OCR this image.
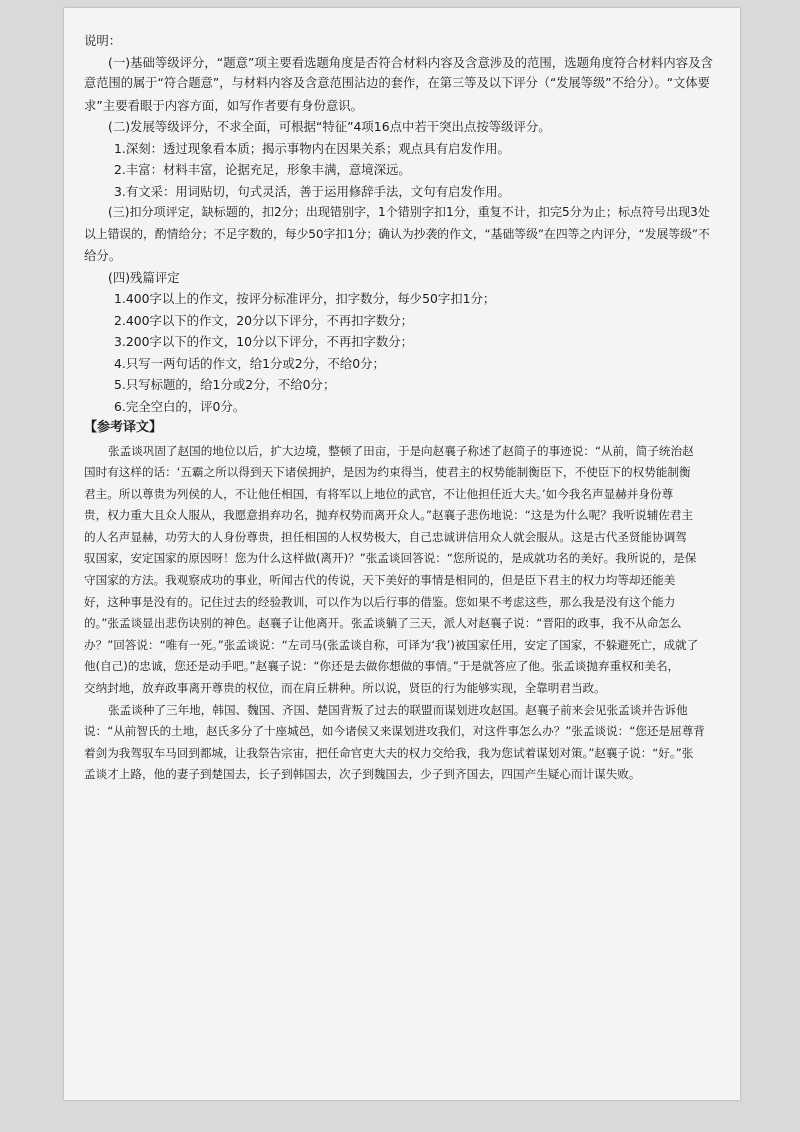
说明：

(一)基础等级评分，“题意”项主要看选题角度是否符合材料内容及含意涉及的范围，选题角度符合材料内容及含

意范围的属于“符合题意”，与材料内容及含意范围沾边的套作，在第三等及以下评分（“发展等级”不给分）。“文体要

求”主要看眼于内容方面，如写作者要有身份意识。

(二)发展等级评分，不求全面，可根据“特征”4项16点中若干突出点按等级评分。

1.深刻：透过现象看本质；揭示事物内在因果关系；观点具有启发作用。

2.丰富：材料丰富，论据充足，形象丰满，意境深远。

3.有文采：用词贴切，句式灵活，善于运用修辞手法，文句有启发作用。

(三)扣分项评定，缺标题的，扣2分；出现错别字，1个错别字扣1分，重复不计，扣完5分为止；标点符号出现3处

以上错误的，酌情给分；不足字数的，每少50字扣1分；确认为抄袭的作文，“基础等级”在四等之内评分，“发展等级”不

给分。

(四)残篇评定

1.400字以上的作文，按评分标准评分，扣字数分，每少50字扣1分；

2.400字以下的作文，20分以下评分，不再扣字数分；

3.200字以下的作文，10分以下评分，不再扣字数分；

4.只写一两句话的作文，给1分或2分，不给0分；

5.只写标题的，给1分或2分，不给0分；

6.完全空白的，评0分。

【参考译文】

张孟谈巩固了赵国的地位以后，扩大边境，整顿了田亩，于是向赵襄子称述了赵简子的事迹说：“从前，简子统治赵

国时有这样的话：‘五霸之所以得到天下诸侯拥护，是因为约束得当，使君主的权势能制衡臣下，不使臣下的权势能制衡

君主。所以尊贵为列侯的人，不让他任相国，有将军以上地位的武官，不让他担任近大夫。’如今我名声显赫并身份尊

贵，权力重大且众人服从，我愿意捐弃功名，抛弃权势而离开众人。”赵襄子悲伤地说：“这是为什么呢？我听说辅佐君主

的人名声显赫，功劳大的人身份尊贵，担任相国的人权势极大，自己忠诚讲信用众人就会服从。这是古代圣贤能协调驾

驭国家，安定国家的原因呀！您为什么这样做(离开)？”张孟谈回答说：“您所说的，是成就功名的美好。我所说的，是保

守国家的方法。我观察成功的事业，听闻古代的传说，天下美好的事情是相同的，但是臣下君主的权力均等却还能美

好，这种事是没有的。记住过去的经验教训，可以作为以后行事的借鉴。您如果不考虑这些，那么我是没有这个能力

的。”张孟谈显出悲伤诀别的神色。赵襄子让他离开。张孟谈躺了三天，派人对赵襄子说：“晋阳的政事，我不从命怎么

办？”回答说：“唯有一死。”张孟谈说：“左司马(张孟谈自称，可译为‘我’)被国家任用，安定了国家，不躲避死亡，成就了

他(自己)的忠诚，您还是动手吧。”赵襄子说：“你还是去做你想做的事情。”于是就答应了他。张孟谈抛弃重权和美名，

交纳封地，放弃政事离开尊贵的权位，而在肩丘耕种。所以说，贤臣的行为能够实现，全靠明君当政。

张孟谈种了三年地，韩国、魏国、齐国、楚国背叛了过去的联盟而谋划进攻赵国。赵襄子前来会见张孟谈并告诉他

说：“从前智氏的土地，赵氏多分了十座城邑，如今诸侯又来谋划进攻我们，对这件事怎么办？”张孟谈说：“您还是屈尊背

着剑为我驾驭车马回到都城，让我祭告宗宙，把任命官吏大夫的权力交给我，我为您试着谋划对策。”赵襄子说：“好。”张

孟谈才上路，他的妻子到楚国去，长子到韩国去，次子到魏国去，少子到齐国去，四国产生疑心而计谋失败。
